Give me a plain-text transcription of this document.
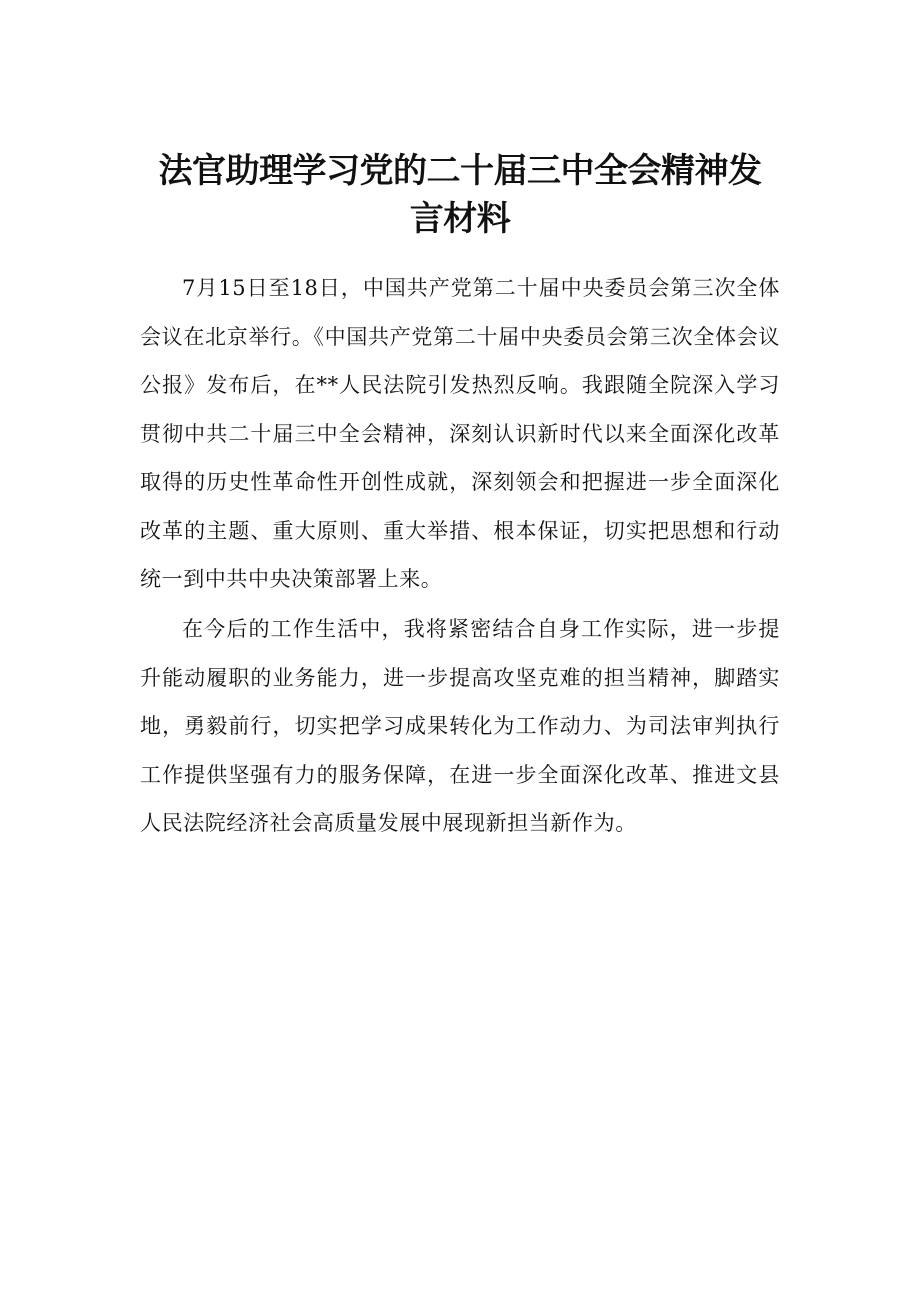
法官助理学习党的二十届三中全会精神发
言材料

7月15日至18日，中国共产党第二十届中央委员会第三次全体会议在北京举行。《中国共产党第二十届中央委员会第三次全体会议公报》发布后，在**人民法院引发热烈反响。我跟随全院深入学习贯彻中共二十届三中全会精神，深刻认识新时代以来全面深化改革取得的历史性革命性开创性成就，深刻领会和把握进一步全面深化改革的主题、重大原则、重大举措、根本保证，切实把思想和行动统一到中共中央决策部署上来。

在今后的工作生活中，我将紧密结合自身工作实际，进一步提升能动履职的业务能力，进一步提高攻坚克难的担当精神，脚踏实地，勇毅前行，切实把学习成果转化为工作动力、为司法审判执行工作提供坚强有力的服务保障，在进一步全面深化改革、推进文县人民法院经济社会高质量发展中展现新担当新作为。
